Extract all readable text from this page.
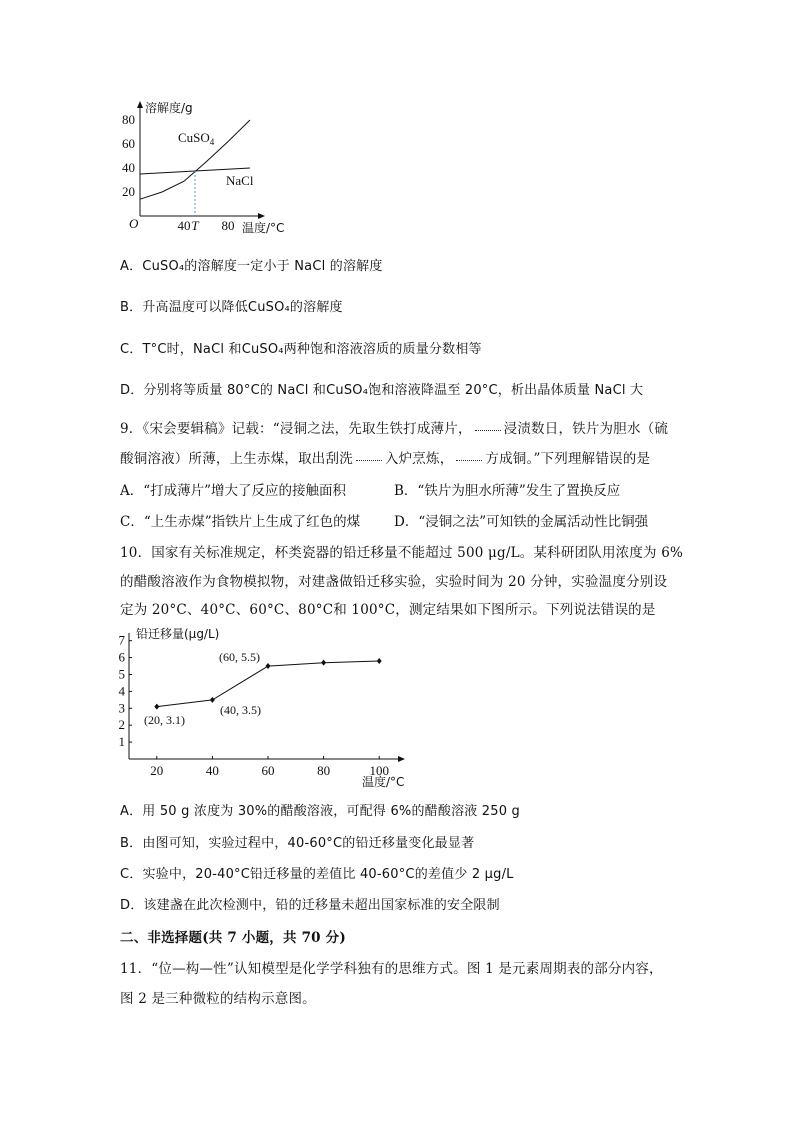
溶解度/g
温度/°C
O
20
40
60
80
40 T 80
CuSO$_4$
NaCl
A．CuSO₄的溶解度一定小于 NaCl 的溶解度
B．升高温度可以降低CuSO₄的溶解度
C．T°C时，NaCl 和CuSO₄两种饱和溶液溶质的质量分数相等
D．分别将等质量 80°C的 NaCl 和CuSO₄饱和溶液降温至 20°C，析出晶体质量 NaCl 大
9．《宋会要辑稿》记载：“浸铜之法，先取生铁打成薄片， 浸渍数日，铁片为胆水（硫
酸铜溶液）所薄，上生赤煤，取出刮洗 入炉烹炼， 方成铜。”下列理解错误的是
A．“打成薄片”增大了反应的接触面积	B．“铁片为胆水所薄”发生了置换反应
C．“上生赤煤”指铁片上生成了红色的煤	D．“浸铜之法”可知铁的金属活动性比铜强
10．国家有关标准规定，杯类瓷器的铅迁移量不能超过 500 μg/L。某科研团队用浓度为 6%
的醋酸溶液作为食物模拟物，对建盏做铅迁移实验，实验时间为 20 分钟，实验温度分别设
定为 20°C、40°C、60°C、80°C和 100°C，测定结果如下图所示。下列说法错误的是
铅迁移量(μg/L)
温度/°C
1
2
3
4
5
6
7
20	40	60	80	100
(20, 3.1)
(40, 3.5)
(60, 5.5)
A．用 50 g 浓度为 30%的醋酸溶液，可配得 6%的醋酸溶液 250 g
B．由图可知，实验过程中，40-60°C的铅迁移量变化最显著
C．实验中，20-40°C铅迁移量的差值比 40-60°C的差值少 2 μg/L
D．该建盏在此次检测中，铅的迁移量未超出国家标准的安全限制
二、非选择题(共 7 小题，共 70 分)
11．“位—构—性”认知模型是化学学科独有的思维方式。图 1 是元素周期表的部分内容，
图 2 是三种微粒的结构示意图。
